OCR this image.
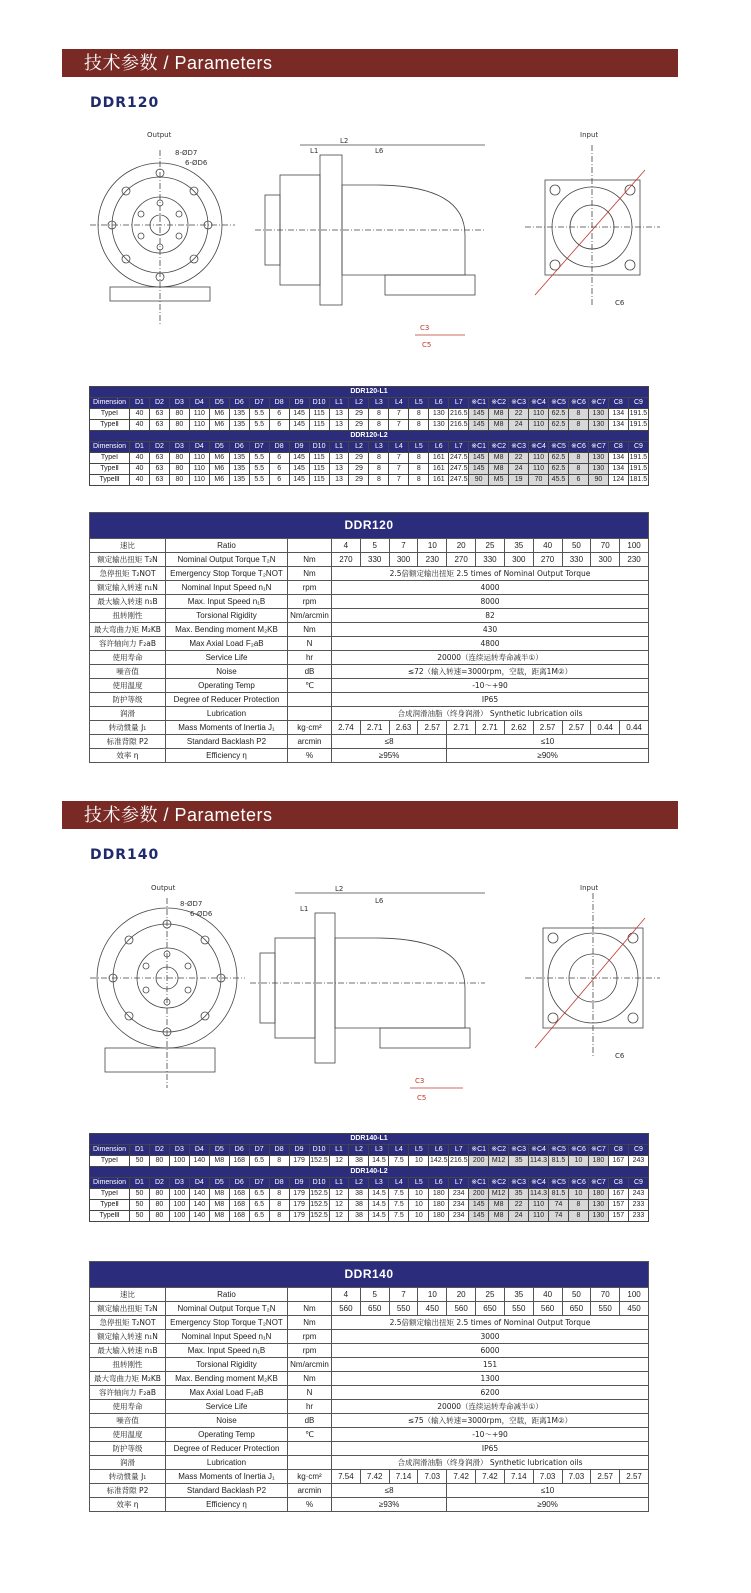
技术参数 / Parameters
DDR120
Output	Input
L1
L2
L6
8-ØD7
6-ØD6
C3
C5
C6
DDR120-L1																										
Dimension	D1	D2	D3	D4	D5	D6	D7	D8	D9	D10	L1	L2	L3	L4	L5	L6	L7	※C1	※C2	※C3	※C4	※C5	※C6	※C7	C8	C9
TypeⅠ	40	63	80	110	M6	135	5.5	6	145	115	13	29	8	7	8	130	216.5	145	M8	22	110	62.5	8	130	134	191.5
TypeⅡ	40	63	80	110	M6	135	5.5	6	145	115	13	29	8	7	8	130	216.5	145	M8	24	110	62.5	8	130	134	191.5
DDR120-L2																										
Dimension	D1	D2	D3	D4	D5	D6	D7	D8	D9	D10	L1	L2	L3	L4	L5	L6	L7	※C1	※C2	※C3	※C4	※C5	※C6	※C7	C8	C9
TypeⅠ	40	63	80	110	M6	135	5.5	6	145	115	13	29	8	7	8	161	247.5	145	M8	22	110	62.5	8	130	134	191.5
TypeⅡ	40	63	80	110	M6	135	5.5	6	145	115	13	29	8	7	8	161	247.5	145	M8	24	110	62.5	8	130	134	191.5
TypeⅢ	40	63	80	110	M6	135	5.5	6	145	115	13	29	8	7	8	161	247.5	90	M5	19	70	45.5	6	90	124	181.5
DDR120													
速比	Ratio		4	5	7	10	20	25	35	40	50	70	100
额定输出扭矩 T₂N	Nominal Output Torque T₂N	Nm	270	330	300	230	270	330	300	270	330	300	230
急停扭矩 T₂NOT	Emergency Stop Torque T₂NOT	Nm	2.5倍额定输出扭矩 2.5 times of Nominal Output Torque										
额定输入转速 n₁N	Nominal Input Speed n₁N	rpm	4000										
最大输入转速 n₁B	Max. Input Speed n₁B	rpm	8000										
扭转刚性	Torsional Rigidity	Nm/arcmin	82										
最大弯曲力矩 M₂KB	Max. Bending moment M₂KB	Nm	430										
容许轴向力 F₂aB	Max Axial Load F₂aB	N	4800										
使用寿命	Service Life	hr	20000（连续运转寿命减半①）										
噪音值	Noise	dB	≤72（输入转速=3000rpm，空载，距离1M②）										
使用温度	Operating Temp	℃	-10～+90										
防护等级	Degree of Reducer Protection		IP65										
润滑	Lubrication		合成润滑油脂（终身润滑） Synthetic lubrication oils										
转动惯量 J₁	Mass Moments of Inertia J₁	kg·cm²	2.74	2.71	2.63	2.57	2.71	2.71	2.62	2.57	2.57	0.44	0.44
标准背隙 P2	Standard Backlash P2	arcmin	≤8				≤10						
效率 η	Efficiency η	%	≥95%				≥90%						
技术参数 / Parameters
DDR140
Output	Input
L1
L2
L6
8-ØD7
6-ØD6
C3
C5
C6
DDR140-L1																										
Dimension	D1	D2	D3	D4	D5	D6	D7	D8	D9	D10	L1	L2	L3	L4	L5	L6	L7	※C1	※C2	※C3	※C4	※C5	※C6	※C7	C8	C9
TypeⅠ	50	80	100	140	M8	168	6.5	8	179	152.5	12	38	14.5	7.5	10	142.5	216.5	200	M12	35	114.3	81.5	10	180	167	243
DDR140-L2																										
Dimension	D1	D2	D3	D4	D5	D6	D7	D8	D9	D10	L1	L2	L3	L4	L5	L6	L7	※C1	※C2	※C3	※C4	※C5	※C6	※C7	C8	C9
TypeⅠ	50	80	100	140	M8	168	6.5	8	179	152.5	12	38	14.5	7.5	10	180	234	200	M12	35	114.3	81.5	10	180	167	243
TypeⅡ	50	80	100	140	M8	168	6.5	8	179	152.5	12	38	14.5	7.5	10	180	234	145	M8	22	110	74	8	130	157	233
TypeⅢ	50	80	100	140	M8	168	6.5	8	179	152.5	12	38	14.5	7.5	10	180	234	145	M8	24	110	74	8	130	157	233
DDR140													
速比	Ratio		4	5	7	10	20	25	35	40	50	70	100
额定输出扭矩 T₂N	Nominal Output Torque T₂N	Nm	560	650	550	450	560	650	550	560	650	550	450
急停扭矩 T₂NOT	Emergency Stop Torque T₂NOT	Nm	2.5倍额定输出扭矩 2.5 times of Nominal Output Torque										
额定输入转速 n₁N	Nominal Input Speed n₁N	rpm	3000										
最大输入转速 n₁B	Max. Input Speed n₁B	rpm	6000										
扭转刚性	Torsional Rigidity	Nm/arcmin	151										
最大弯曲力矩 M₂KB	Max. Bending moment M₂KB	Nm	1300										
容许轴向力 F₂aB	Max Axial Load F₂aB	N	6200										
使用寿命	Service Life	hr	20000（连续运转寿命减半①）										
噪音值	Noise	dB	≤75（输入转速=3000rpm，空载，距离1M②）										
使用温度	Operating Temp	℃	-10～+90										
防护等级	Degree of Reducer Protection		IP65										
润滑	Lubrication		合成润滑油脂（终身润滑） Synthetic lubrication oils										
转动惯量 J₁	Mass Moments of Inertia J₁	kg·cm²	7.54	7.42	7.14	7.03	7.42	7.42	7.14	7.03	7.03	2.57	2.57
标准背隙 P2	Standard Backlash P2	arcmin	≤8				≤10						
效率 η	Efficiency η	%	≥93%				≥90%						
